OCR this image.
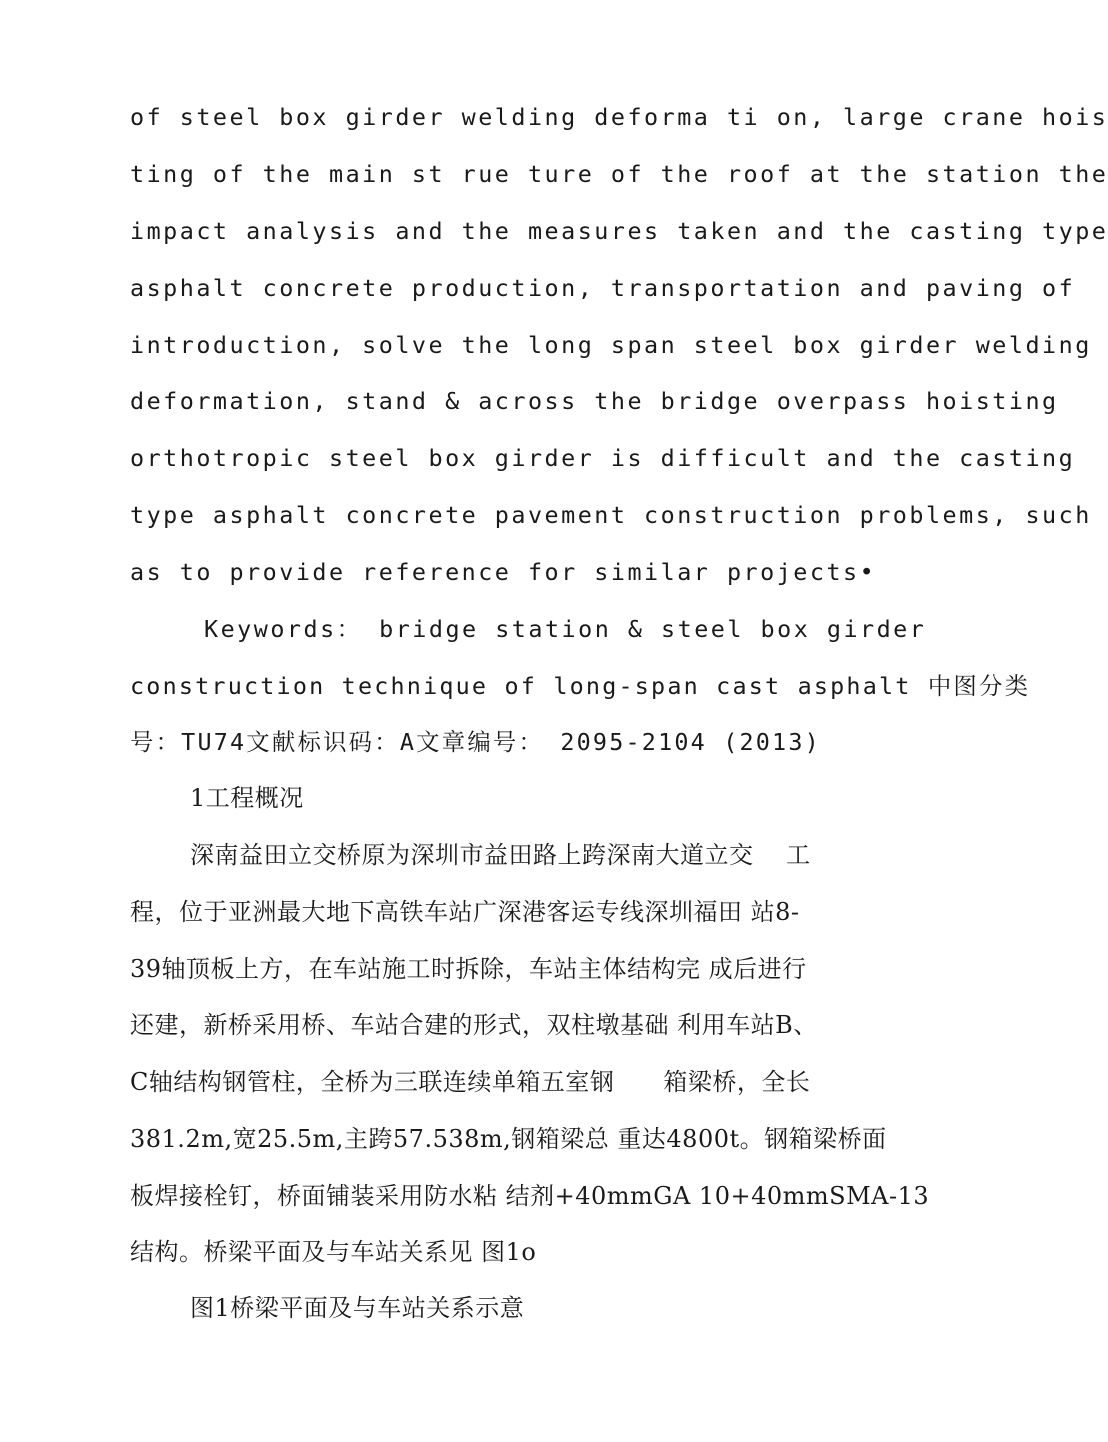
of steel box girder welding deforma ti on, large crane hois
ting of the main st rue ture of the roof at the station the
impact analysis and the measures taken and the casting type
asphalt concrete production, transportation and paving of
introduction, solve the long span steel box girder welding
deformation, stand & across the bridge overpass hoisting
orthotropic steel box girder is difficult and the casting
type asphalt concrete pavement construction problems, such
as to provide reference for similar projects•
Keywords： bridge station & steel box girder
construction technique of long-span cast asphalt 中图分类
号：TU74文献标识码：A文章编号： 2095-2104 (2013)
1工程概况
深南益田立交桥原为深圳市益田路上跨深南大道立交　 工
程，位于亚洲最大地下高铁车站广深港客运专线深圳福田 站8-
39轴顶板上方，在车站施工时拆除，车站主体结构完 成后进行
还建，新桥采用桥、车站合建的形式，双柱墩基础 利用车站B、
C轴结构钢管柱，全桥为三联连续单箱五室钢　　箱梁桥，全长
381.2m,宽25.5m,主跨57.538m,钢箱梁总 重达4800t。钢箱梁桥面
板焊接栓钉，桥面铺装采用防水粘 结剂+40mmGA 10+40mmSMA-13
结构。桥梁平面及与车站关系见 图1o
图1桥梁平面及与车站关系示意
